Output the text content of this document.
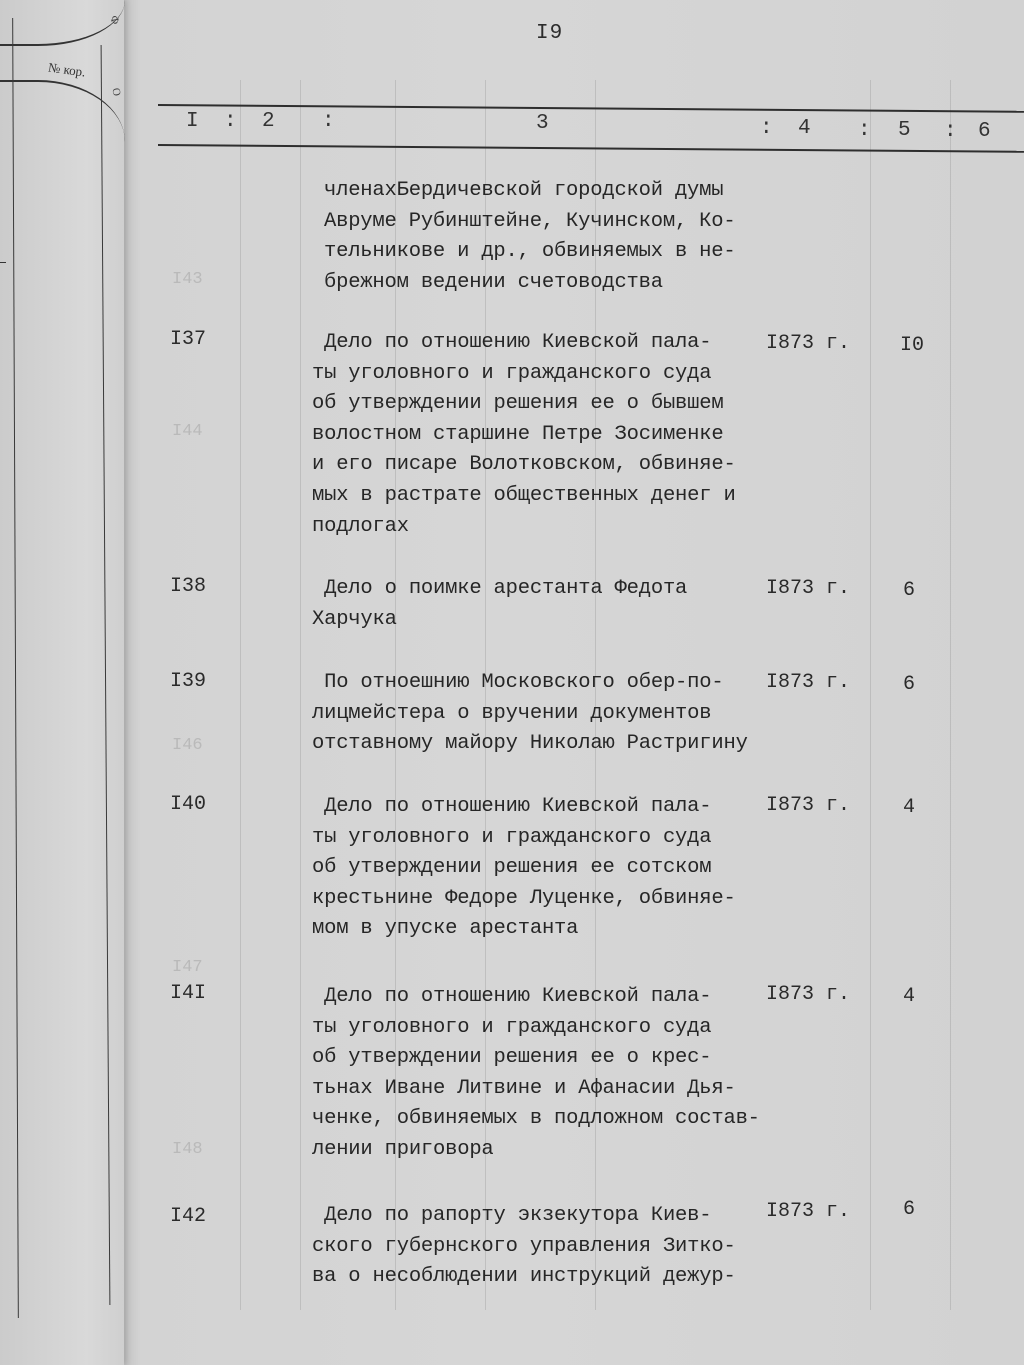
№ кор.
Ф
О
I43
I44
I46
I47
I48
I9
I : 2 :	3	: 4 : 5 : 6
членахБердичевской городской думы
Авруме Рубинштейне, Кучинском, Ко-
тельникове и др., обвиняемых в не-
брежном ведении счетоводства
I37	Дело по отношению Киевской пала-
ты уголовного и гражданского суда
об утверждении решения ее о бывшем
волостном старшине Петре Зосименке
и его писаре Волотковском, обвиняе-
мых в растрате общественных денег и
подлогах
I873 г. I0
I38	Дело о поимке арестанта Федота
Харчука
I873 г.	6
I39	По отноешнию Московского обер-по-
лицмейстера о вручении документов
отставному майору Николаю Растригину
I873 г.	6
I40	Дело по отношению Киевской пала-
ты уголовного и гражданского суда
об утверждении решения ее сотском
крестьнине Федоре Луценке, обвиняе-
мом в упуске арестанта
I873 г.	4
I4I	Дело по отношению Киевской пала-
ты уголовного и гражданского суда
об утверждении решения ее о крес-
тьнах Иване Литвине и Афанасии Дья-
ченке, обвиняемых в подложном состав-
лении приговора
I873 г.	4
I42	Дело по рапорту экзекутора Киев-
ского губернского управления Зитко-
ва о несоблюдении инструкций дежур-
I873 г.	6
